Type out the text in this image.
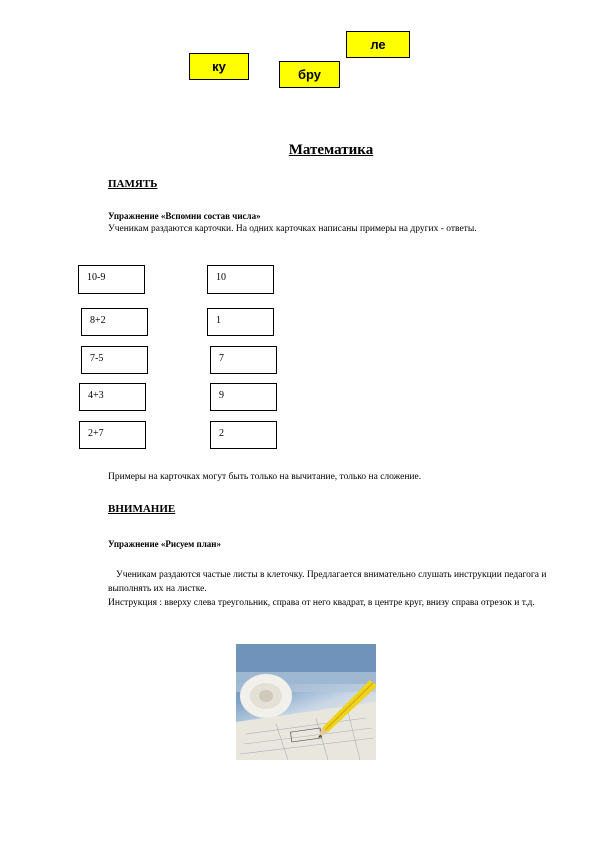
ле
ку
бру
Математика
ПАМЯТЬ
Упражнение «Вспомни состав числа»
Ученикам раздаются карточки. На одних карточках написаны примеры на других - ответы.
10-9
8+2
7-5
4+3
2+7
10
1
7
9
2
Примеры на карточках могут быть только на вычитание, только на сложение.
ВНИМАНИЕ
Упражнение «Рисуем план»
Ученикам раздаются частые листы в клеточку. Предлагается внимательно слушать инструкции педагога и выполнять их на листке.
Инструкция : вверху слева треугольник, справа от него квадрат, в центре круг, внизу справа отрезок и т.д.
